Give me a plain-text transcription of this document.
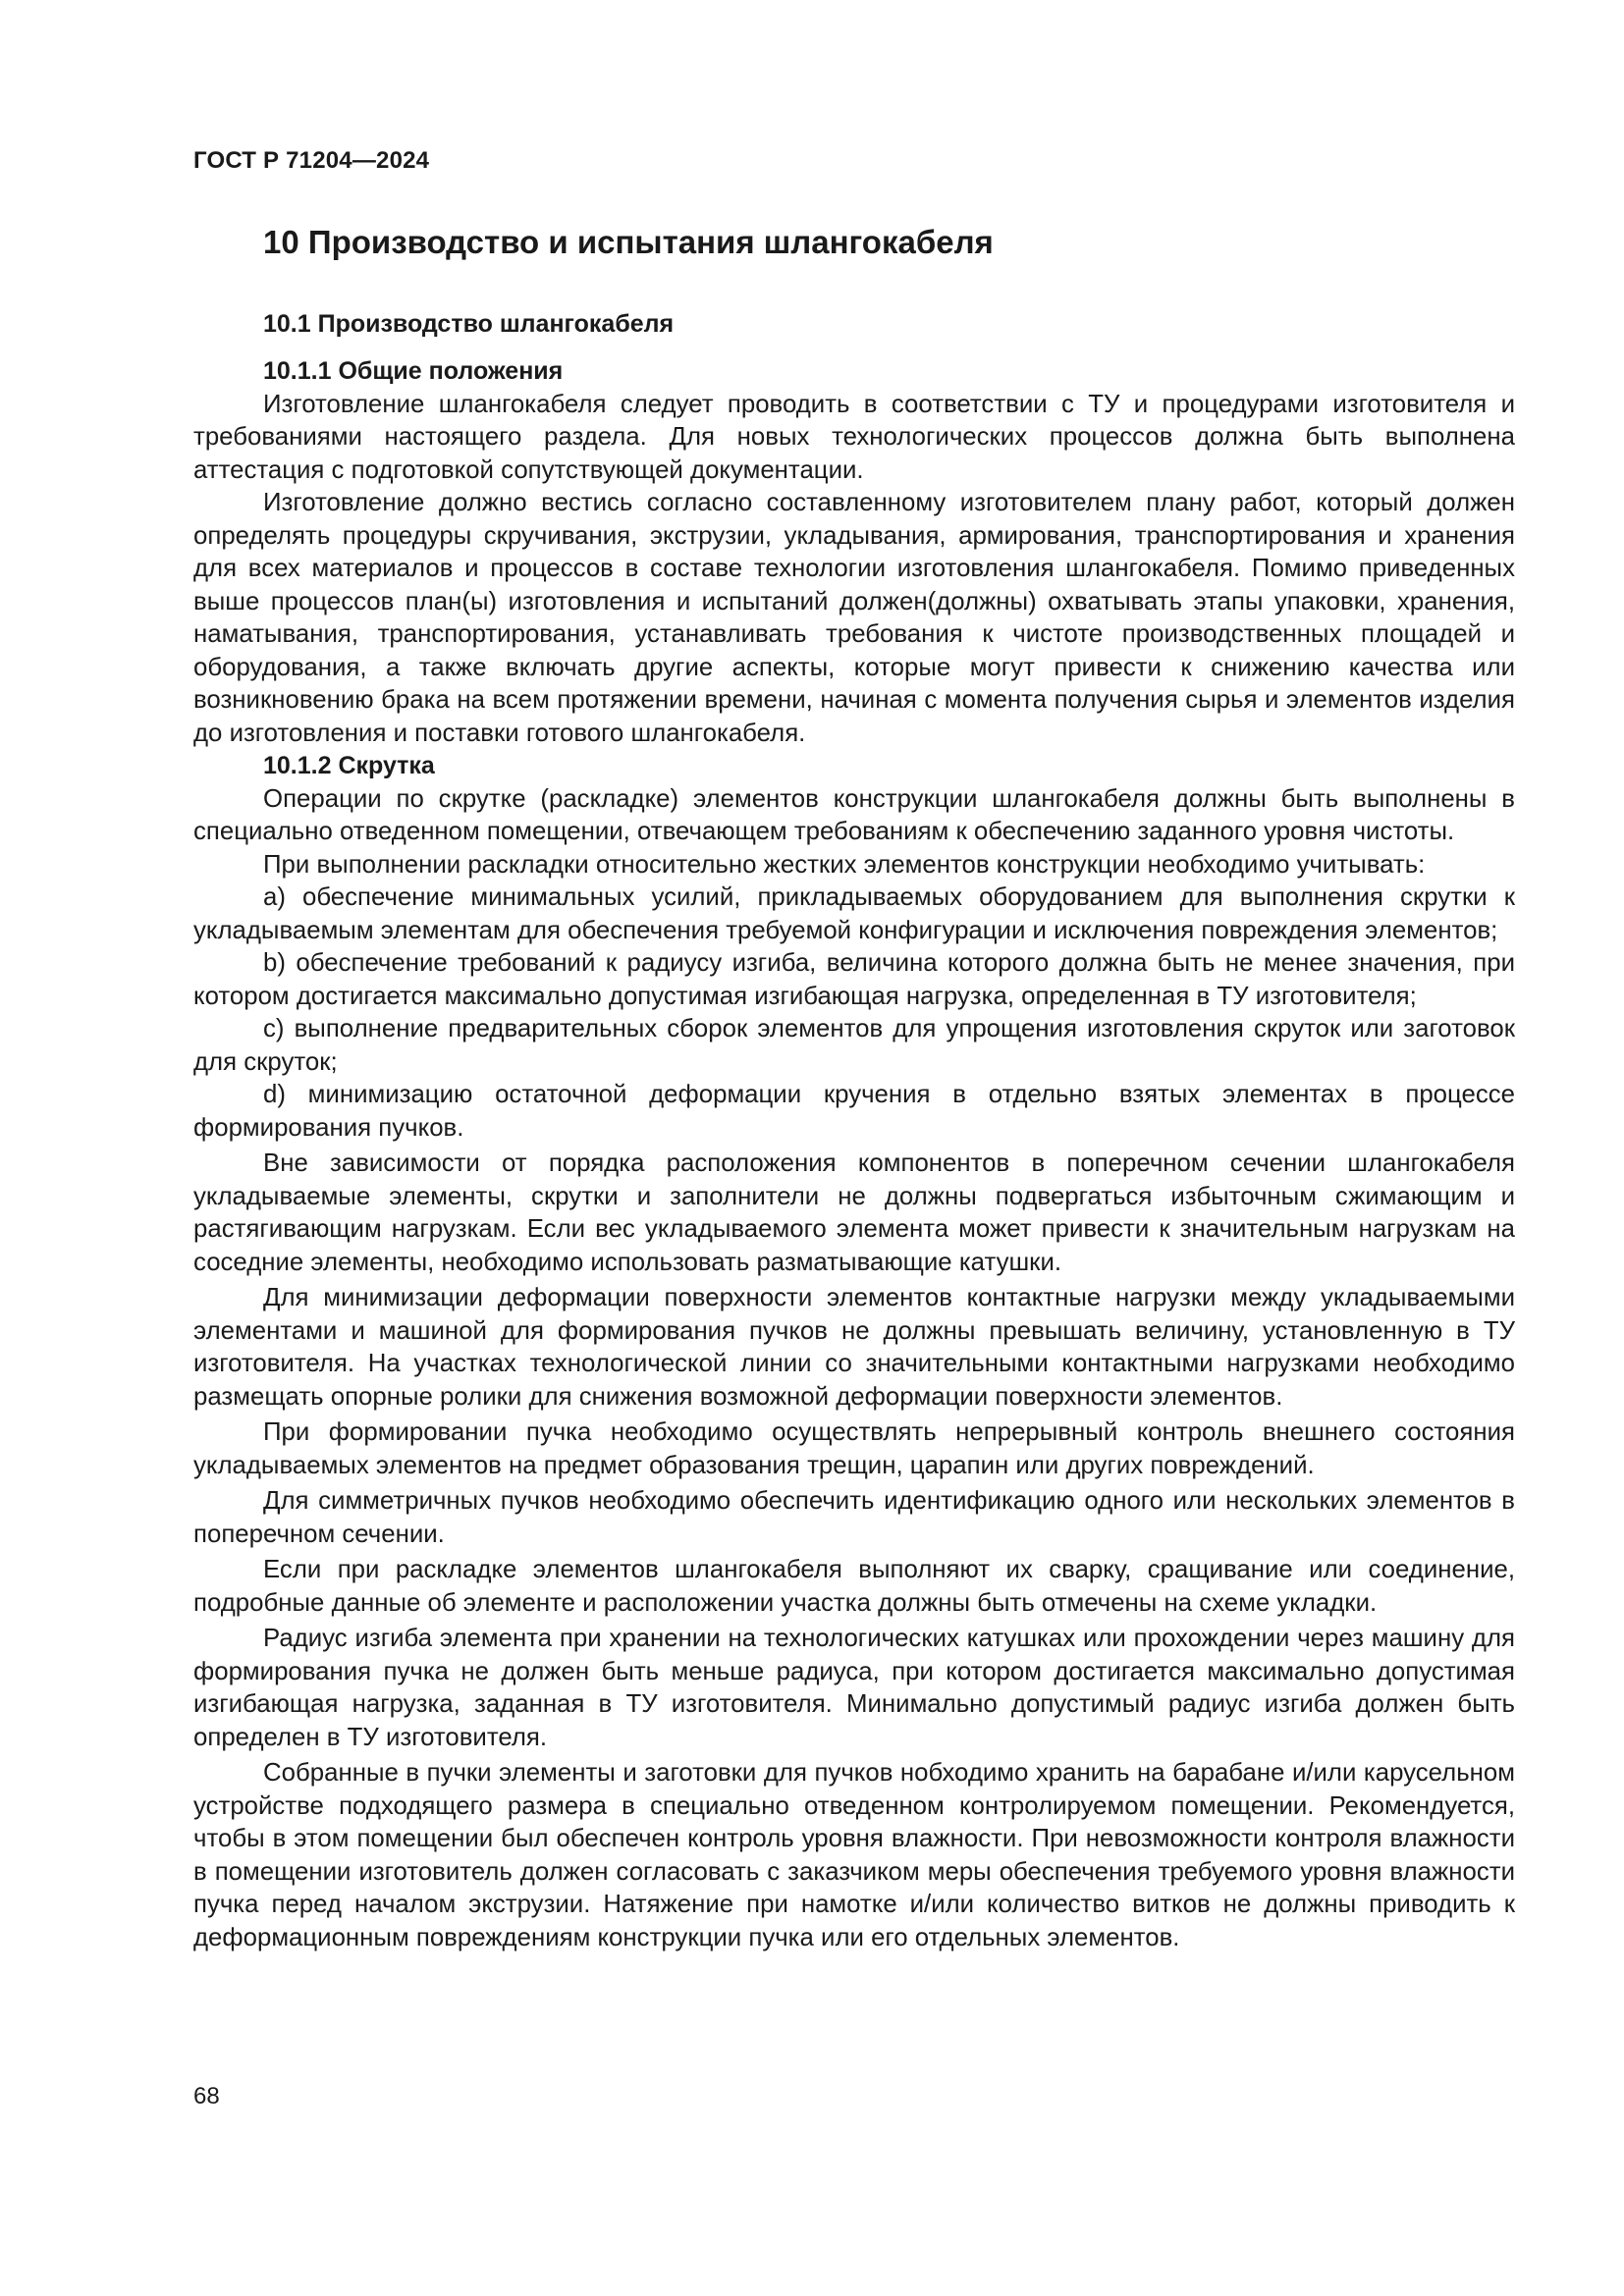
ГОСТ Р 71204—2024
10 Производство и испытания шлангокабеля
10.1 Производство шлангокабеля
10.1.1 Общие положения

Изготовление шлангокабеля следует проводить в соответствии с ТУ и процедурами изготовителя и требованиями настоящего раздела. Для новых технологических процессов должна быть выполнена аттестация с подготовкой сопутствующей документации.

Изготовление должно вестись согласно составленному изготовителем плану работ, который должен определять процедуры скручивания, экструзии, укладывания, армирования, транспортирования и хранения для всех материалов и процессов в составе технологии изготовления шлангокабеля. Помимо приведенных выше процессов план(ы) изготовления и испытаний должен(должны) охватывать этапы упаковки, хранения, наматывания, транспортирования, устанавливать требования к чистоте производственных площадей и оборудования, а также включать другие аспекты, которые могут привести к снижению качества или возникновению брака на всем протяжении времени, начиная с момента получения сырья и элементов изделия до изготовления и поставки готового шлангокабеля.

10.1.2 Скрутка

Операции по скрутке (раскладке) элементов конструкции шлангокабеля должны быть выполнены в специально отведенном помещении, отвечающем требованиям к обеспечению заданного уровня чистоты.

При выполнении раскладки относительно жестких элементов конструкции необходимо учитывать:

a) обеспечение минимальных усилий, прикладываемых оборудованием для выполнения скрутки к укладываемым элементам для обеспечения требуемой конфигурации и исключения повреждения элементов;

b) обеспечение требований к радиусу изгиба, величина которого должна быть не менее значения, при котором достигается максимально допустимая изгибающая нагрузка, определенная в ТУ изготовителя;

c) выполнение предварительных сборок элементов для упрощения изготовления скруток или заготовок для скруток;

d) минимизацию остаточной деформации кручения в отдельно взятых элементах в процессе формирования пучков.

Вне зависимости от порядка расположения компонентов в поперечном сечении шлангокабеля укладываемые элементы, скрутки и заполнители не должны подвергаться избыточным сжимающим и растягивающим нагрузкам. Если вес укладываемого элемента может привести к значительным нагрузкам на соседние элементы, необходимо использовать разматывающие катушки.

Для минимизации деформации поверхности элементов контактные нагрузки между укладываемыми элементами и машиной для формирования пучков не должны превышать величину, установленную в ТУ изготовителя. На участках технологической линии со значительными контактными нагрузками необходимо размещать опорные ролики для снижения возможной деформации поверхности элементов.

При формировании пучка необходимо осуществлять непрерывный контроль внешнего состояния укладываемых элементов на предмет образования трещин, царапин или других повреждений.

Для симметричных пучков необходимо обеспечить идентификацию одного или нескольких элементов в поперечном сечении.

Если при раскладке элементов шлангокабеля выполняют их сварку, сращивание или соединение, подробные данные об элементе и расположении участка должны быть отмечены на схеме укладки.

Радиус изгиба элемента при хранении на технологических катушках или прохождении через машину для формирования пучка не должен быть меньше радиуса, при котором достигается максимально допустимая изгибающая нагрузка, заданная в ТУ изготовителя. Минимально допустимый радиус изгиба должен быть определен в ТУ изготовителя.

Собранные в пучки элементы и заготовки для пучков нобходимо хранить на барабане и/или карусельном устройстве подходящего размера в специально отведенном контролируемом помещении. Рекомендуется, чтобы в этом помещении был обеспечен контроль уровня влажности. При невозможности контроля влажности в помещении изготовитель должен согласовать с заказчиком меры обеспечения требуемого уровня влажности пучка перед началом экструзии. Натяжение при намотке и/или количество витков не должны приводить к деформационным повреждениям конструкции пучка или его отдельных элементов.

68
